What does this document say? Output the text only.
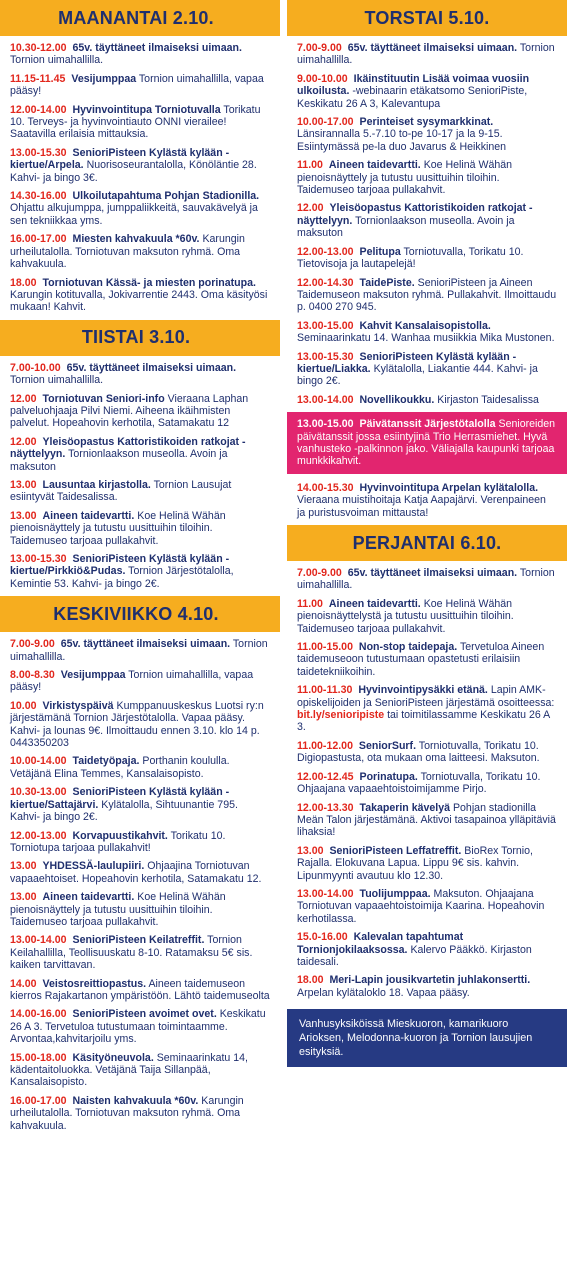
MAANANTAI 2.10.
10.30-12.00 65v. täyttäneet ilmaiseksi uimaan. Tornion uimahallilla.
11.15-11.45 Vesijumppaa Tornion uimahallilla, vapaa pääsy!
12.00-14.00 Hyvinvointitupa Torniotuvalla Torikatu 10. Terveys- ja hyvinvointiauto ONNI vierailee! Saatavilla erilaisia mittauksia.
13.00-15.30 SenioriPisteen Kylästä kylään -kiertue/Arpela. Nuorisoseurantalolla, Könöläntie 28. Kahvi- ja bingo 3€.
14.30-16.00 Ulkoilutapahtuma Pohjan Stadionilla. Ohjattu alkujumppa, jumppaliikkeitä, sauvakävelyä ja sen tekniikkaa yms.
16.00-17.00 Miesten kahvakuula *60v. Karungin urheilutalolla. Torniotuvan maksuton ryhmä. Oma kahvakuula.
18.00 Torniotuvan Kässä- ja miesten porinatupa. Karungin kotituvalla, Jokivarrentie 2443. Oma käsityösi mukaan! Kahvit.
TIISTAI 3.10.
7.00-10.00 65v. täyttäneet ilmaiseksi uimaan. Tornion uimahallilla.
12.00 Torniotuvan Seniori-info Vieraana Laphan palveluohjaaja Pilvi Niemi. Aiheena ikäihmisten palvelut. Hopeahovin kerhotila, Satamakatu 12
12.00 Yleisöopastus Kattoristikoiden ratkojat -näyttelyyn. Tornionlaakson museolla. Avoin ja maksuton
13.00 Lausuntaa kirjastolla. Tornion Lausujat esiintyvät Taidesalissa.
13.00 Aineen taidevartti. Koe Helinä Wähän pienoisnäyttely ja tutustu uusittuihin tiloihin. Taidemuseo tarjoaa pullakahvit.
13.00-15.30 SenioriPisteen Kylästä kylään -kiertue/Pirkkiö&Pudas. Tornion Järjestötalolla, Kemintie 53. Kahvi- ja bingo 2€.
KESKIVIIKKO 4.10.
7.00-9.00 65v. täyttäneet ilmaiseksi uimaan. Tornion uimahallilla.
8.00-8.30 Vesijumppaa Tornion uimahallilla, vapaa pääsy!
10.00 Virkistyspäivä Kumppanuuskeskus Luotsi ry:n järjestämänä Tornion Järjestötalolla. Vapaa pääsy. Kahvi- ja lounas 9€. Ilmoittaudu ennen 3.10. klo 14 p. 0443350203
10.00-14.00 Taidetyöpaja. Porthanin koululla. Vetäjänä Elina Temmes, Kansalaisopisto.
10.30-13.00 SenioriPisteen Kylästä kylään -kiertue/Sattajärvi. Kylätalolla, Sihtuunantie 795. Kahvi- ja bingo 2€.
12.00-13.00 Korvapuustikahvit. Torikatu 10. Torniotupa tarjoaa pullakahvit!
13.00 YHDESSÄ-laulupiiri. Ohjaajina Torniotuvan vapaaehtoiset. Hopeahovin kerhotila, Satamakatu 12.
13.00 Aineen taidevartti. Koe Helinä Wähän pienoisnäyttely ja tutustu uusittuihin tiloihin. Taidemuseo tarjoaa pullakahvit.
13.00-14.00 SenioriPisteen Keilatreffit. Tornion Keilahallilla, Teollisuuskatu 8-10. Ratamaksu 5€ sis. kaiken tarvittavan.
14.00 Veistosreittiopastus. Aineen taidemuseon kierros Rajakartanon ympäristöön. Lähtö taidemuseolta
14.00-16.00 SenioriPisteen avoimet ovet. Keskikatu 26 A 3. Tervetuloa tutustumaan toimintaamme. Arvontaa,kahvitarjoilu yms.
15.00-18.00 Käsityöneuvola. Seminaarinkatu 14, kädentaitoluokka. Vetäjänä Taija Sillanpää, Kansalaisopisto.
16.00-17.00 Naisten kahvakuula *60v. Karungin urheilutalolla. Torniotuvan maksuton ryhmä. Oma kahvakuula.
TORSTAI 5.10.
7.00-9.00 65v. täyttäneet ilmaiseksi uimaan. Tornion uimahallilla.
9.00-10.00 Ikäinstituutin Lisää voimaa vuosiin ulkoilusta. -webinaarin etäkatsomo SenioriPiste, Keskikatu 26 A 3, Kalevantupa
10.00-17.00 Perinteiset sysymarkkinat. Länsirannalla 5.-7.10 to-pe 10-17 ja la 9-15. Esiintymässä pe-la duo Javarus & Heikkinen
11.00 Aineen taidevartti. Koe Helinä Wähän pienoisnäyttely ja tutustu uusittuihin tiloihin. Taidemuseo tarjoaa pullakahvit.
12.00 Yleisöopastus Kattoristikoiden ratkojat -näyttelyyn. Tornionlaakson museolla. Avoin ja maksuton
12.00-13.00 Pelitupa Torniotuvalla, Torikatu 10. Tietovisoja ja lautapelejä!
12.00-14.30 TaidePiste. SenioriPisteen ja Aineen Taidemuseon maksuton ryhmä. Pullakahvit. Ilmoittaudu p. 0400 270 945.
13.00-15.00 Kahvit Kansalaisopistolla. Seminaarinkatu 14. Wanhaa musiikkia Mika Mustonen.
13.00-15.30 SenioriPisteen Kylästä kylään -kiertue/Liakka. Kylätalolla, Liakantie 444. Kahvi- ja bingo 2€.
13.00-14.00 Novellikoukku. Kirjaston Taidesalissa
13.00-15.00 Päivätanssit Järjestötalolla Senioreiden päivätanssit jossa esiintyjinä Trio Herrasmiehet. Hyvä vanhusteko -palkinnon jako. Väliajalla kaupunki tarjoaa munkkikahvit.
14.00-15.30 Hyvinvointitupa Arpelan kylätalolla. Vieraana muistihoitaja Katja Aapajärvi. Verenpaineen ja puristusvoiman mittausta!
PERJANTAI 6.10.
7.00-9.00 65v. täyttäneet ilmaiseksi uimaan. Tornion uimahallilla.
11.00 Aineen taidevartti. Koe Helinä Wähän pienoisnäyttelystä ja tutustu uusittuihin tiloihin. Taidemuseo tarjoaa pullakahvit.
11.00-15.00 Non-stop taidepaja. Tervetuloa Aineen taidemuseoon tutustumaan opastetusti erilaisiin taidetekniikoihin.
11.00-11.30 Hyvinvointipysäkki etänä. Lapin AMK-opiskelijoiden ja SenioriPisteen järjestämä osoitteessa: bit.ly/senioripiste tai toimitilassamme Keskikatu 26 A 3.
11.00-12.00 SeniorSurf. Torniotuvalla, Torikatu 10. Digiopastusta, ota mukaan oma laitteesi. Maksuton.
12.00-12.45 Porinatupa. Torniotuvalla, Torikatu 10. Ohjaajana vapaaehtoistoimijamme Pirjo.
12.00-13.30 Takaperin kävelyä Pohjan stadionilla Meän Talon järjestämänä. Aktivoi tasapainoa ylläpitäviä lihaksia!
13.00 SenioriPisteen Leffatreffit. BioRex Tornio, Rajalla. Elokuvana Lapua. Lippu 9€ sis. kahvin. Lipunmyynti avautuu klo 12.30.
13.00-14.00 Tuolijumppaa. Maksuton. Ohjaajana Torniotuvan vapaaehtoistoimija Kaarina. Hopeahovin kerhotilassa.
15.0-16.00 Kalevalan tapahtumat Tornionjokilaaksossa. Kalervo Pääkkö. Kirjaston taidesali.
18.00 Meri-Lapin jousikvartetin juhlakonsertti. Arpelan kylätaloklo 18. Vapaa pääsy.
Vanhusyksiköissä Mieskuoron, kamarikuoro Arioksen, Melodonna-kuoron ja Tornion lausujien esityksiä.
